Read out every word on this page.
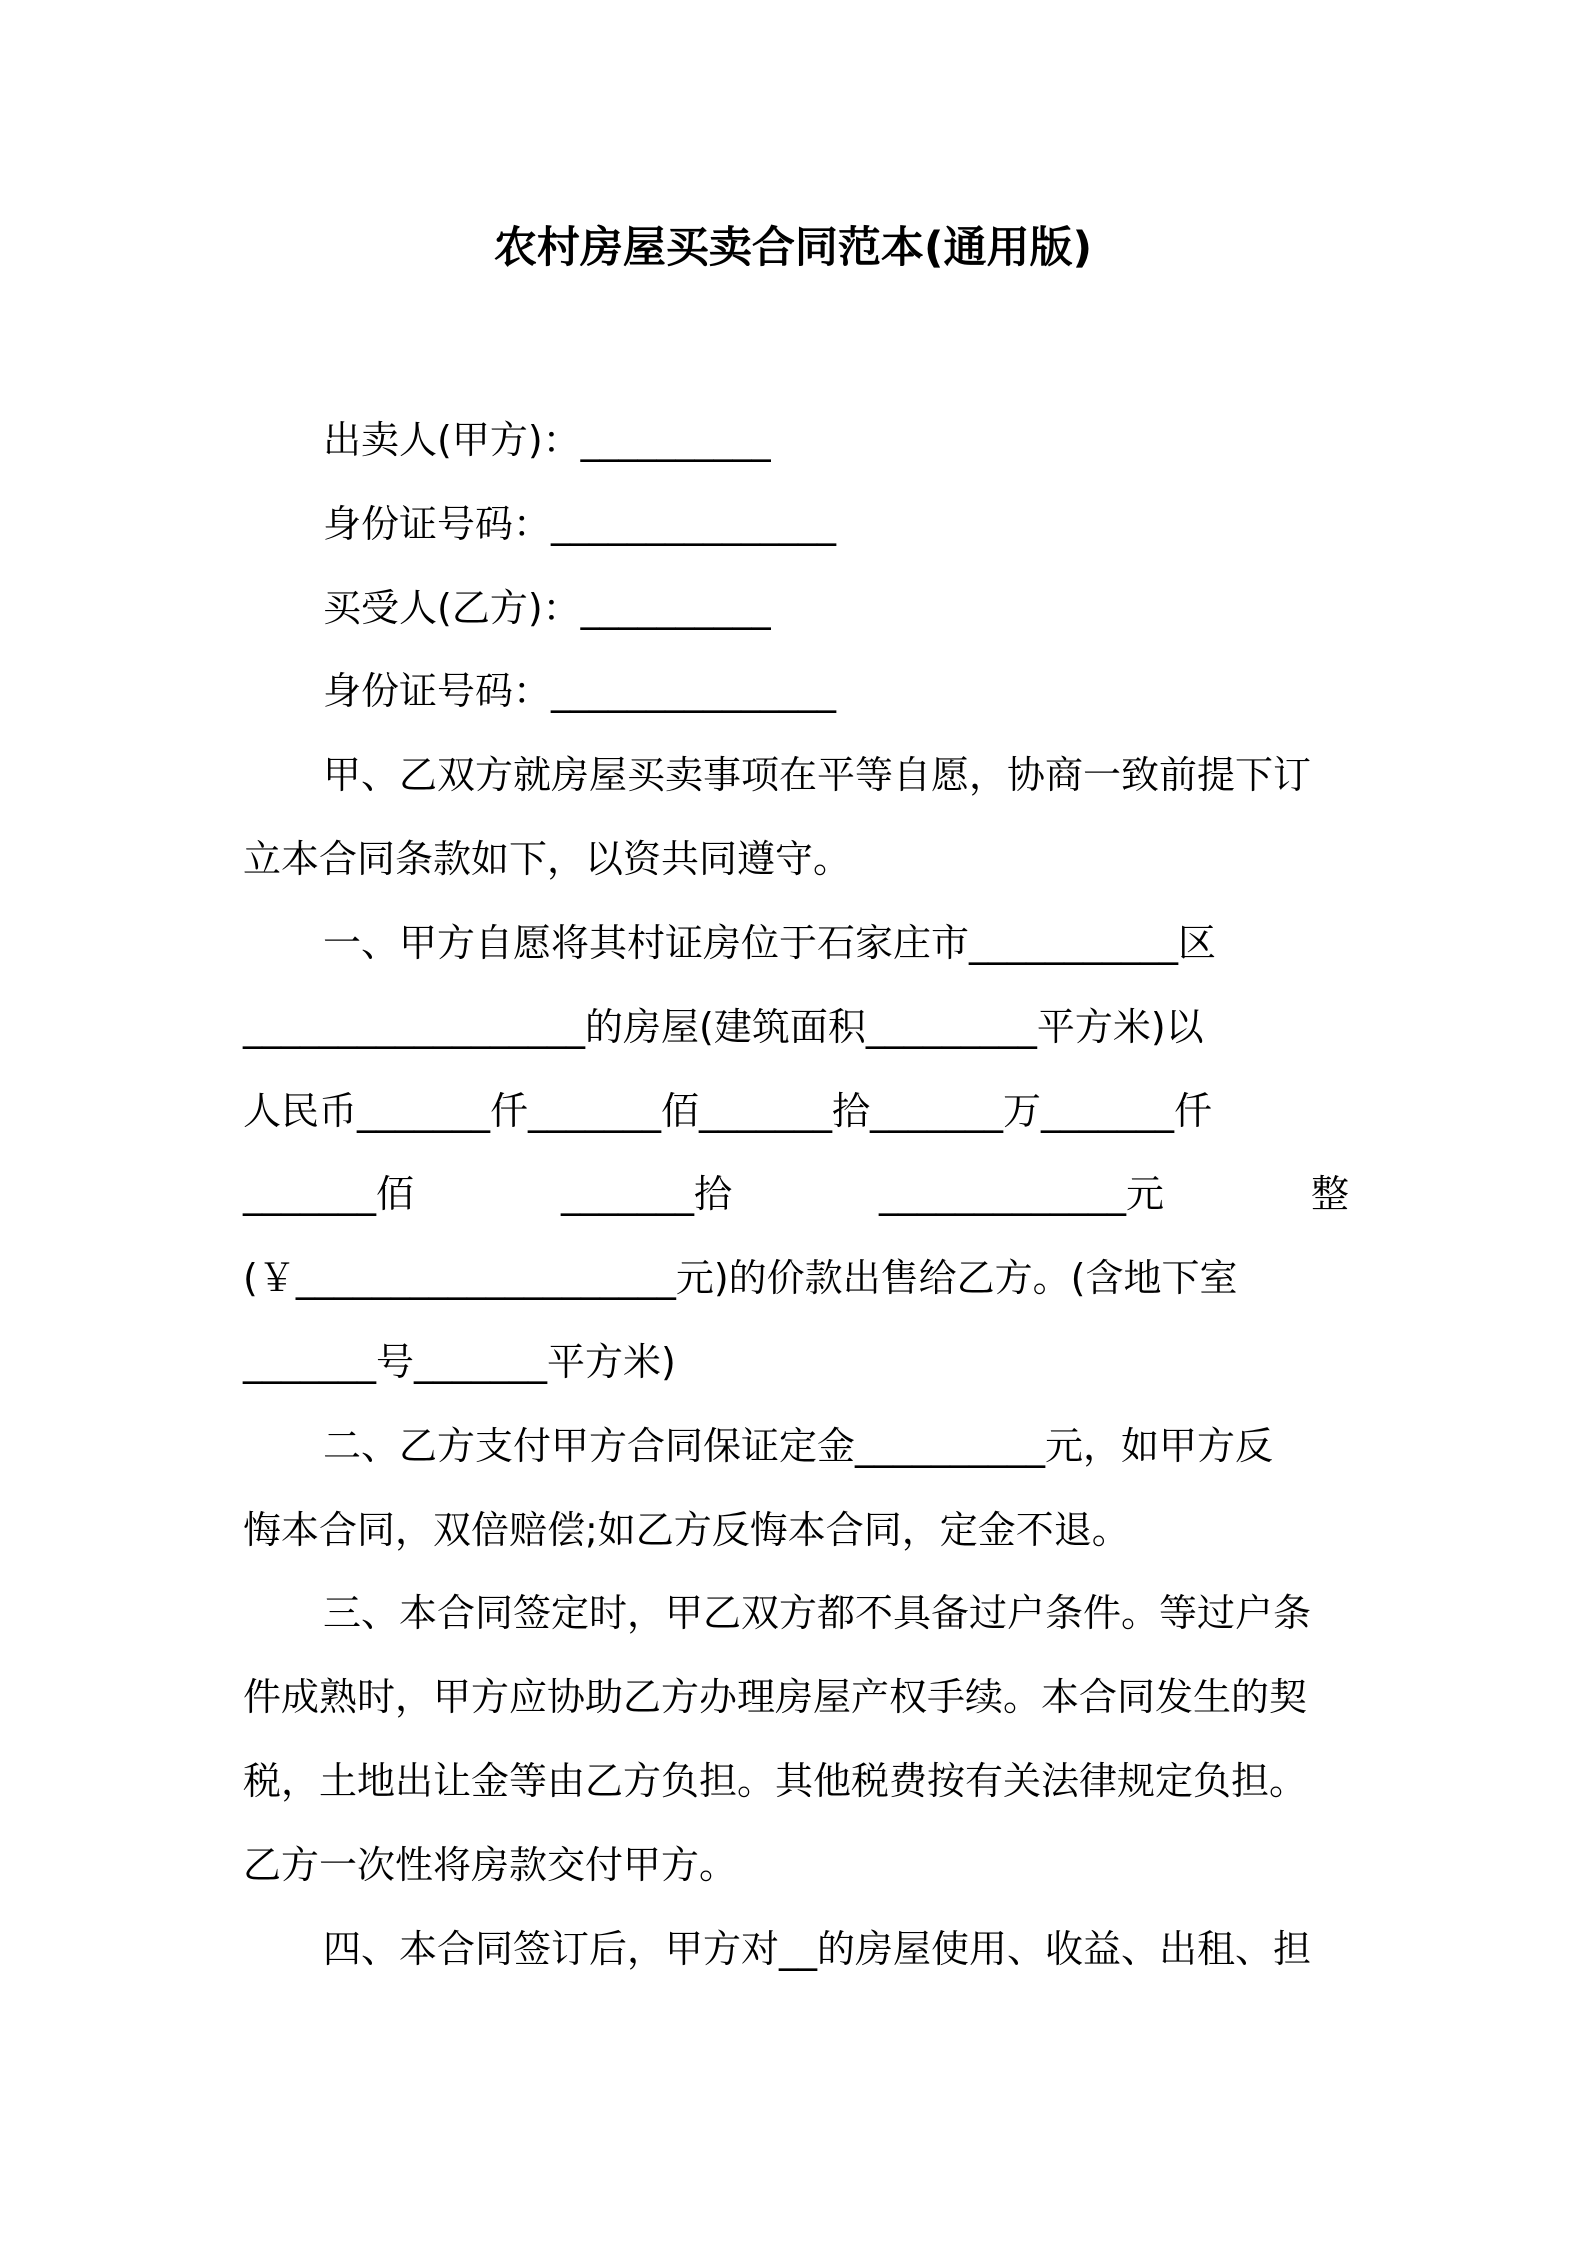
农村房屋买卖合同范本(通用版)
出卖人(甲方)：__________
身份证号码：_______________
买受人(乙方)：__________
身份证号码：_______________
甲、乙双方就房屋买卖事项在平等自愿，协商一致前提下订
立本合同条款如下，以资共同遵守。
一、甲方自愿将其村证房位于石家庄市___________区
__________________的房屋(建筑面积_________平方米)以
人民币_______仟_______佰_______拾_______万_______仟
_______佰	_______拾	_____________元	整
(￥____________________元)的价款出售给乙方。(含地下室
_______号_______平方米)
二、乙方支付甲方合同保证定金__________元，如甲方反
悔本合同，双倍赔偿;如乙方反悔本合同，定金不退。
三、本合同签定时，甲乙双方都不具备过户条件。等过户条
件成熟时，甲方应协助乙方办理房屋产权手续。本合同发生的契
税，土地出让金等由乙方负担。其他税费按有关法律规定负担。
乙方一次性将房款交付甲方。
四、本合同签订后，甲方对__的房屋使用、收益、出租、担
